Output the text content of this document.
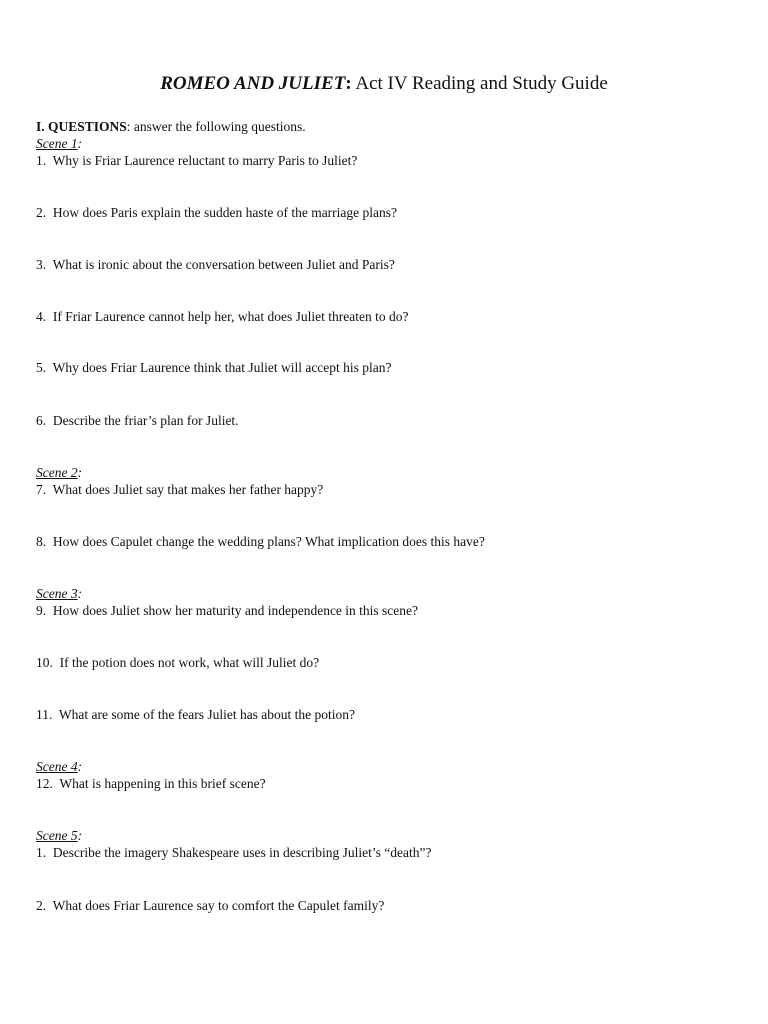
ROMEO AND JULIET: Act IV Reading and Study Guide
I. QUESTIONS: answer the following questions.
Scene 1:
1. Why is Friar Laurence reluctant to marry Paris to Juliet?
2. How does Paris explain the sudden haste of the marriage plans?
3. What is ironic about the conversation between Juliet and Paris?
4. If Friar Laurence cannot help her, what does Juliet threaten to do?
5. Why does Friar Laurence think that Juliet will accept his plan?
6. Describe the friar’s plan for Juliet.
Scene 2:
7. What does Juliet say that makes her father happy?
8. How does Capulet change the wedding plans? What implication does this have?
Scene 3:
9. How does Juliet show her maturity and independence in this scene?
10. If the potion does not work, what will Juliet do?
11. What are some of the fears Juliet has about the potion?
Scene 4:
12. What is happening in this brief scene?
Scene 5:
1. Describe the imagery Shakespeare uses in describing Juliet’s “death”?
2. What does Friar Laurence say to comfort the Capulet family?
